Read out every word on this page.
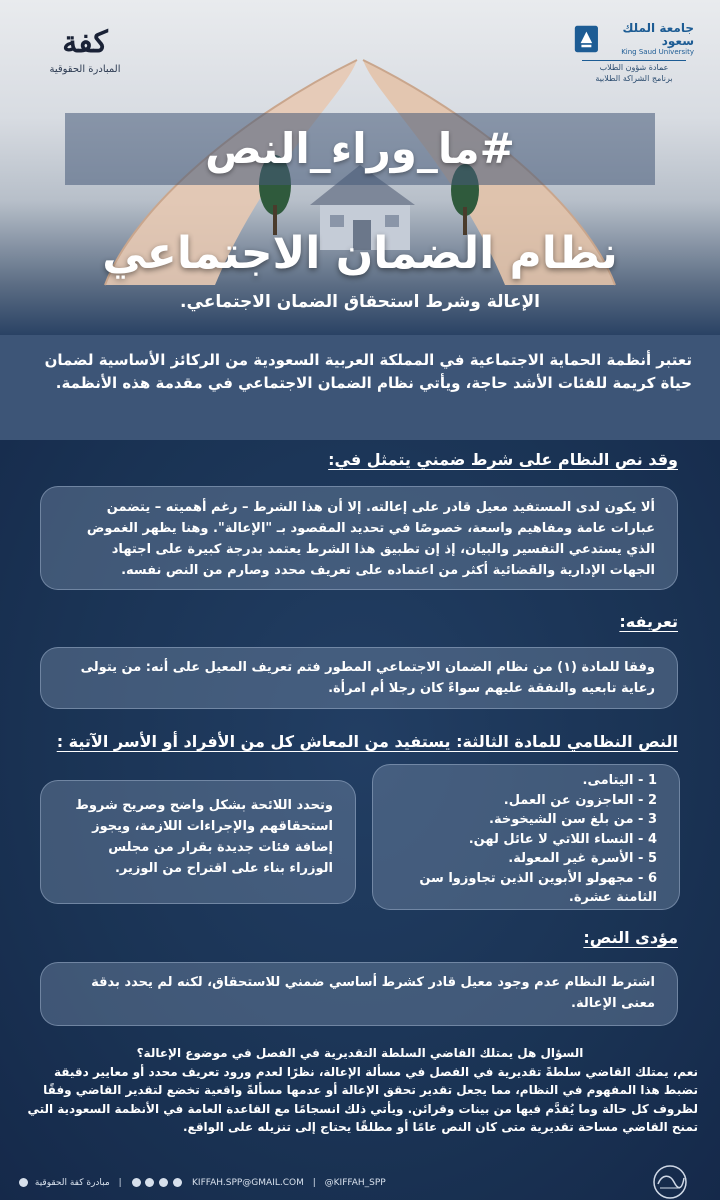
كفة
المبادرة الحقوقية
جامعة الملك سعود
King Saud University
عمادة شؤون الطلاب
برنامج الشراكة الطلابية
#ما_وراء_النص
نظام الضمان الاجتماعي
الإعالة وشرط استحقاق الضمان الاجتماعي.

تعتبر أنظمة الحماية الاجتماعية في المملكة العربية السعودية من الركائز الأساسية لضمان حياة كريمة للفئات الأشد حاجة، ويأتي نظام الضمان الاجتماعي في مقدمة هذه الأنظمة.

وقد نص النظام على شرط ضمني يتمثل في:

ألا يكون لدى المستفيد معيل قادر على إعالته. إلا أن هذا الشرط – رغم أهميته – يتضمن عبارات عامة ومفاهيم واسعة، خصوصًا في تحديد المقصود بـ "الإعالة". وهنا يظهر الغموض الذي يستدعي التفسير والبيان، إذ إن تطبيق هذا الشرط يعتمد بدرجة كبيرة على اجتهاد الجهات الإدارية والقضائية أكثر من اعتماده على تعريف محدد وصارم من النص نفسه.

تعريفه:

وفقا للمادة (١) من نظام الضمان الاجتماعي المطور فتم تعريف المعيل على أنه: من يتولى رعاية تابعيه والنفقة عليهم سواءً كان رجلا أم امرأة.

النص النظامي للمادة الثالثة: يستفيد من المعاش كل من الأفراد أو الأسر الآتية :
1 - اليتامى.
2 - العاجزون عن العمل.
3 - من بلغ سن الشيخوخة.
4 - النساء اللاتي لا عائل لهن.
5 - الأسرة غير المعولة.
6 - مجهولو الأبوين الذين تجاوزوا سن الثامنة عشرة.

وتحدد اللائحة بشكل واضح وصريح شروط استحقاقهم والإجراءات اللازمة، ويجوز إضافة فئات جديدة بقرار من مجلس الوزراء بناء على اقتراح من الوزير.

مؤدى النص:

اشترط النظام عدم وجود معيل قادر كشرط أساسي ضمني للاستحقاق، لكنه لم يحدد بدقة معنى الإعالة.

السؤال هل يمتلك القاضي السلطة التقديرية في الفصل في موضوع الإعالة؟
نعم، يمتلك القاضي سلطةً تقديرية في الفصل في مسألة الإعالة، نظرًا لعدم ورود تعريف محدد أو معايير دقيقة تضبط هذا المفهوم في النظام، مما يجعل تقدير تحقق الإعالة أو عدمها مسألةً واقعية تخضع لتقدير القاضي وفقًا لظروف كل حالة وما يُقدَّم فيها من بينات وقرائن. ويأتي ذلك انسجامًا مع القاعدة العامة في الأنظمة السعودية التي تمنح القاضي مساحة تقديرية متى كان النص عامًا أو مطلقًا يحتاج إلى تنزيله على الواقع.
KIFFAH.SPP@GMAIL.COM | @KIFFAH_SPP     | مبادرة كفة الحقوقية
